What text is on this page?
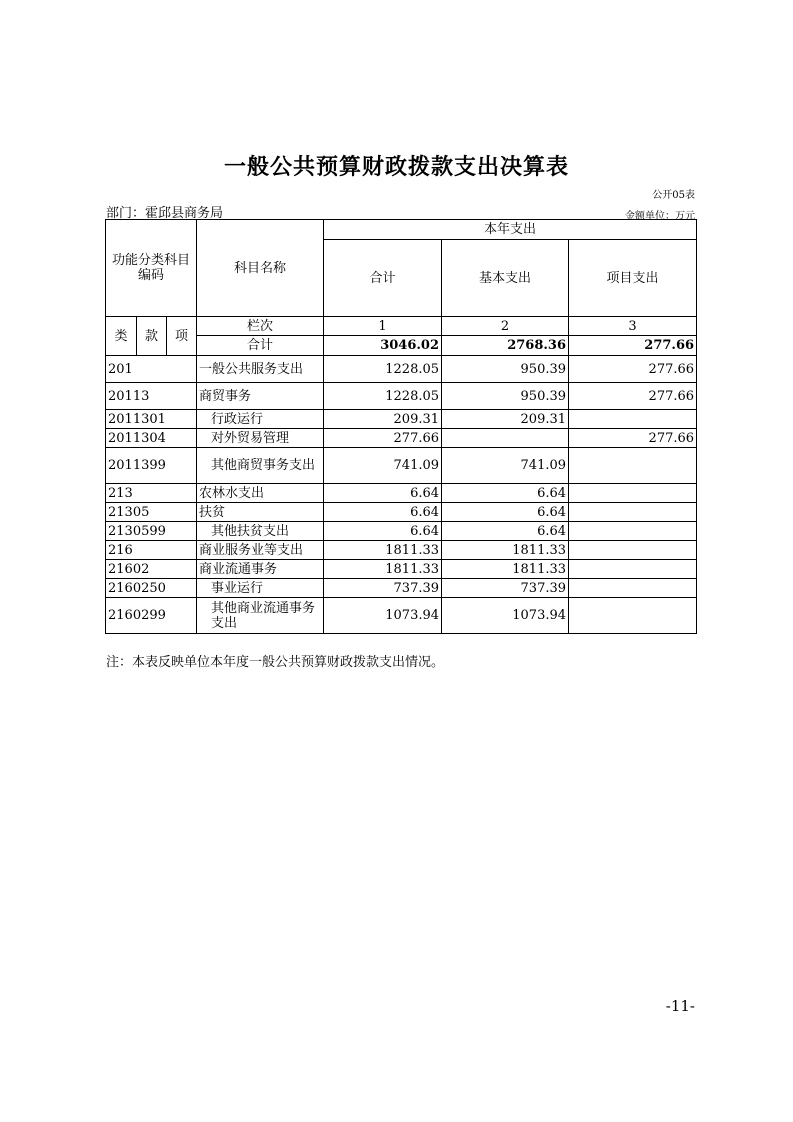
一般公共预算财政拨款支出决算表
公开05表
部门：霍邱县商务局	金额单位：万元
功能分类科目编码			科目名称	本年支出		
				合计	基本支出	项目支出
类	款	项	栏次	1	2	3
			合计	3046.02	2768.36	277.66
201			一般公共服务支出	1228.05	950.39	277.66
20113			商贸事务	1228.05	950.39	277.66
2011301			行政运行	209.31	209.31	
2011304			对外贸易管理	277.66		277.66
2011399			其他商贸事务支出	741.09	741.09	
213			农林水支出	6.64	6.64	
21305			扶贫	6.64	6.64	
2130599			其他扶贫支出	6.64	6.64	
216			商业服务业等支出	1811.33	1811.33	
21602			商业流通事务	1811.33	1811.33	
2160250			事业运行	737.39	737.39	
2160299			其他商业流通事务支出	1073.94	1073.94	
注：本表反映单位本年度一般公共预算财政拨款支出情况。
-11-
